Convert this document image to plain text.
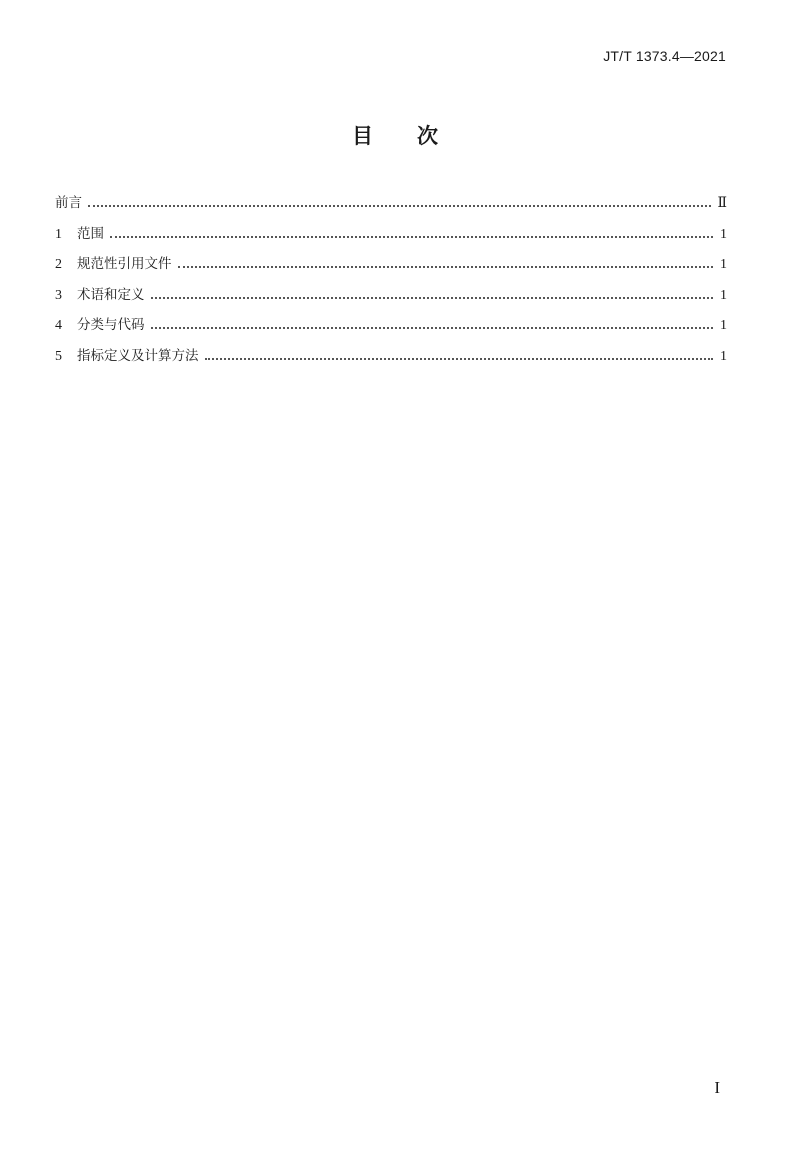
JT/T 1373.4—2021
目次
前言	Ⅱ
1	范围	1
2	规范性引用文件	1
3	术语和定义	1
4	分类与代码	1
5	指标定义及计算方法	1
I
